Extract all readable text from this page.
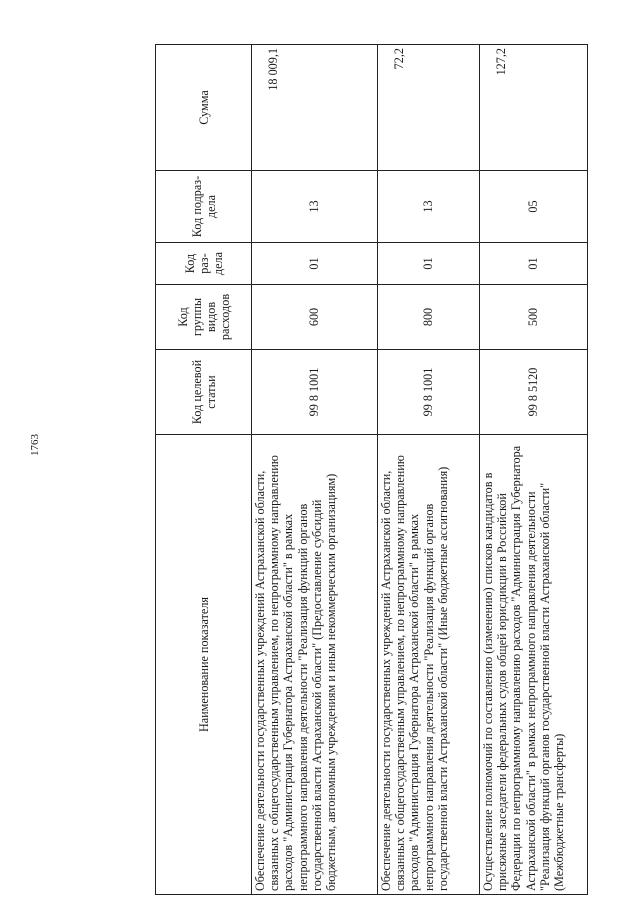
1763
Наименование показателя	Код целевой статьи	Код группы видов расходов	Код раз-дела	Код подраз-дела	Сумма
Обеспечение деятельности государственных учреждений Астраханской области, связанных с общегосударственным управлением, по непрограммному направлению расходов "Администрация Губернатора Астраханской области" в рамках непрограммного направления деятельности "Реализация функций органов государственной власти Астраханской области" (Предоставление субсидий бюджетным, автономным учреждениям и иным некоммерческим организациям)	99 8 1001	600	01	13	18 009,1
Обеспечение деятельности государственных учреждений Астраханской области, связанных с общегосударственным управлением, по непрограммному направлению расходов "Администрация Губернатора Астраханской области" в рамках непрограммного направления деятельности "Реализация функций органов государственной власти Астраханской области" (Иные бюджетные ассигнования)	99 8 1001	800	01	13	72,2
Осуществление полномочий по составлению (изменению) списков кандидатов в присяжные заседатели федеральных судов общей юрисдикции в Российской Федерации по непрограммному направлению расходов "Администрация Губернатора Астраханской области" в рамках непрограммного направления деятельности "Реализация функций органов государственной власти Астраханской области" (Межбюджетные трансферты)	99 8 5120	500	01	05	127,2
